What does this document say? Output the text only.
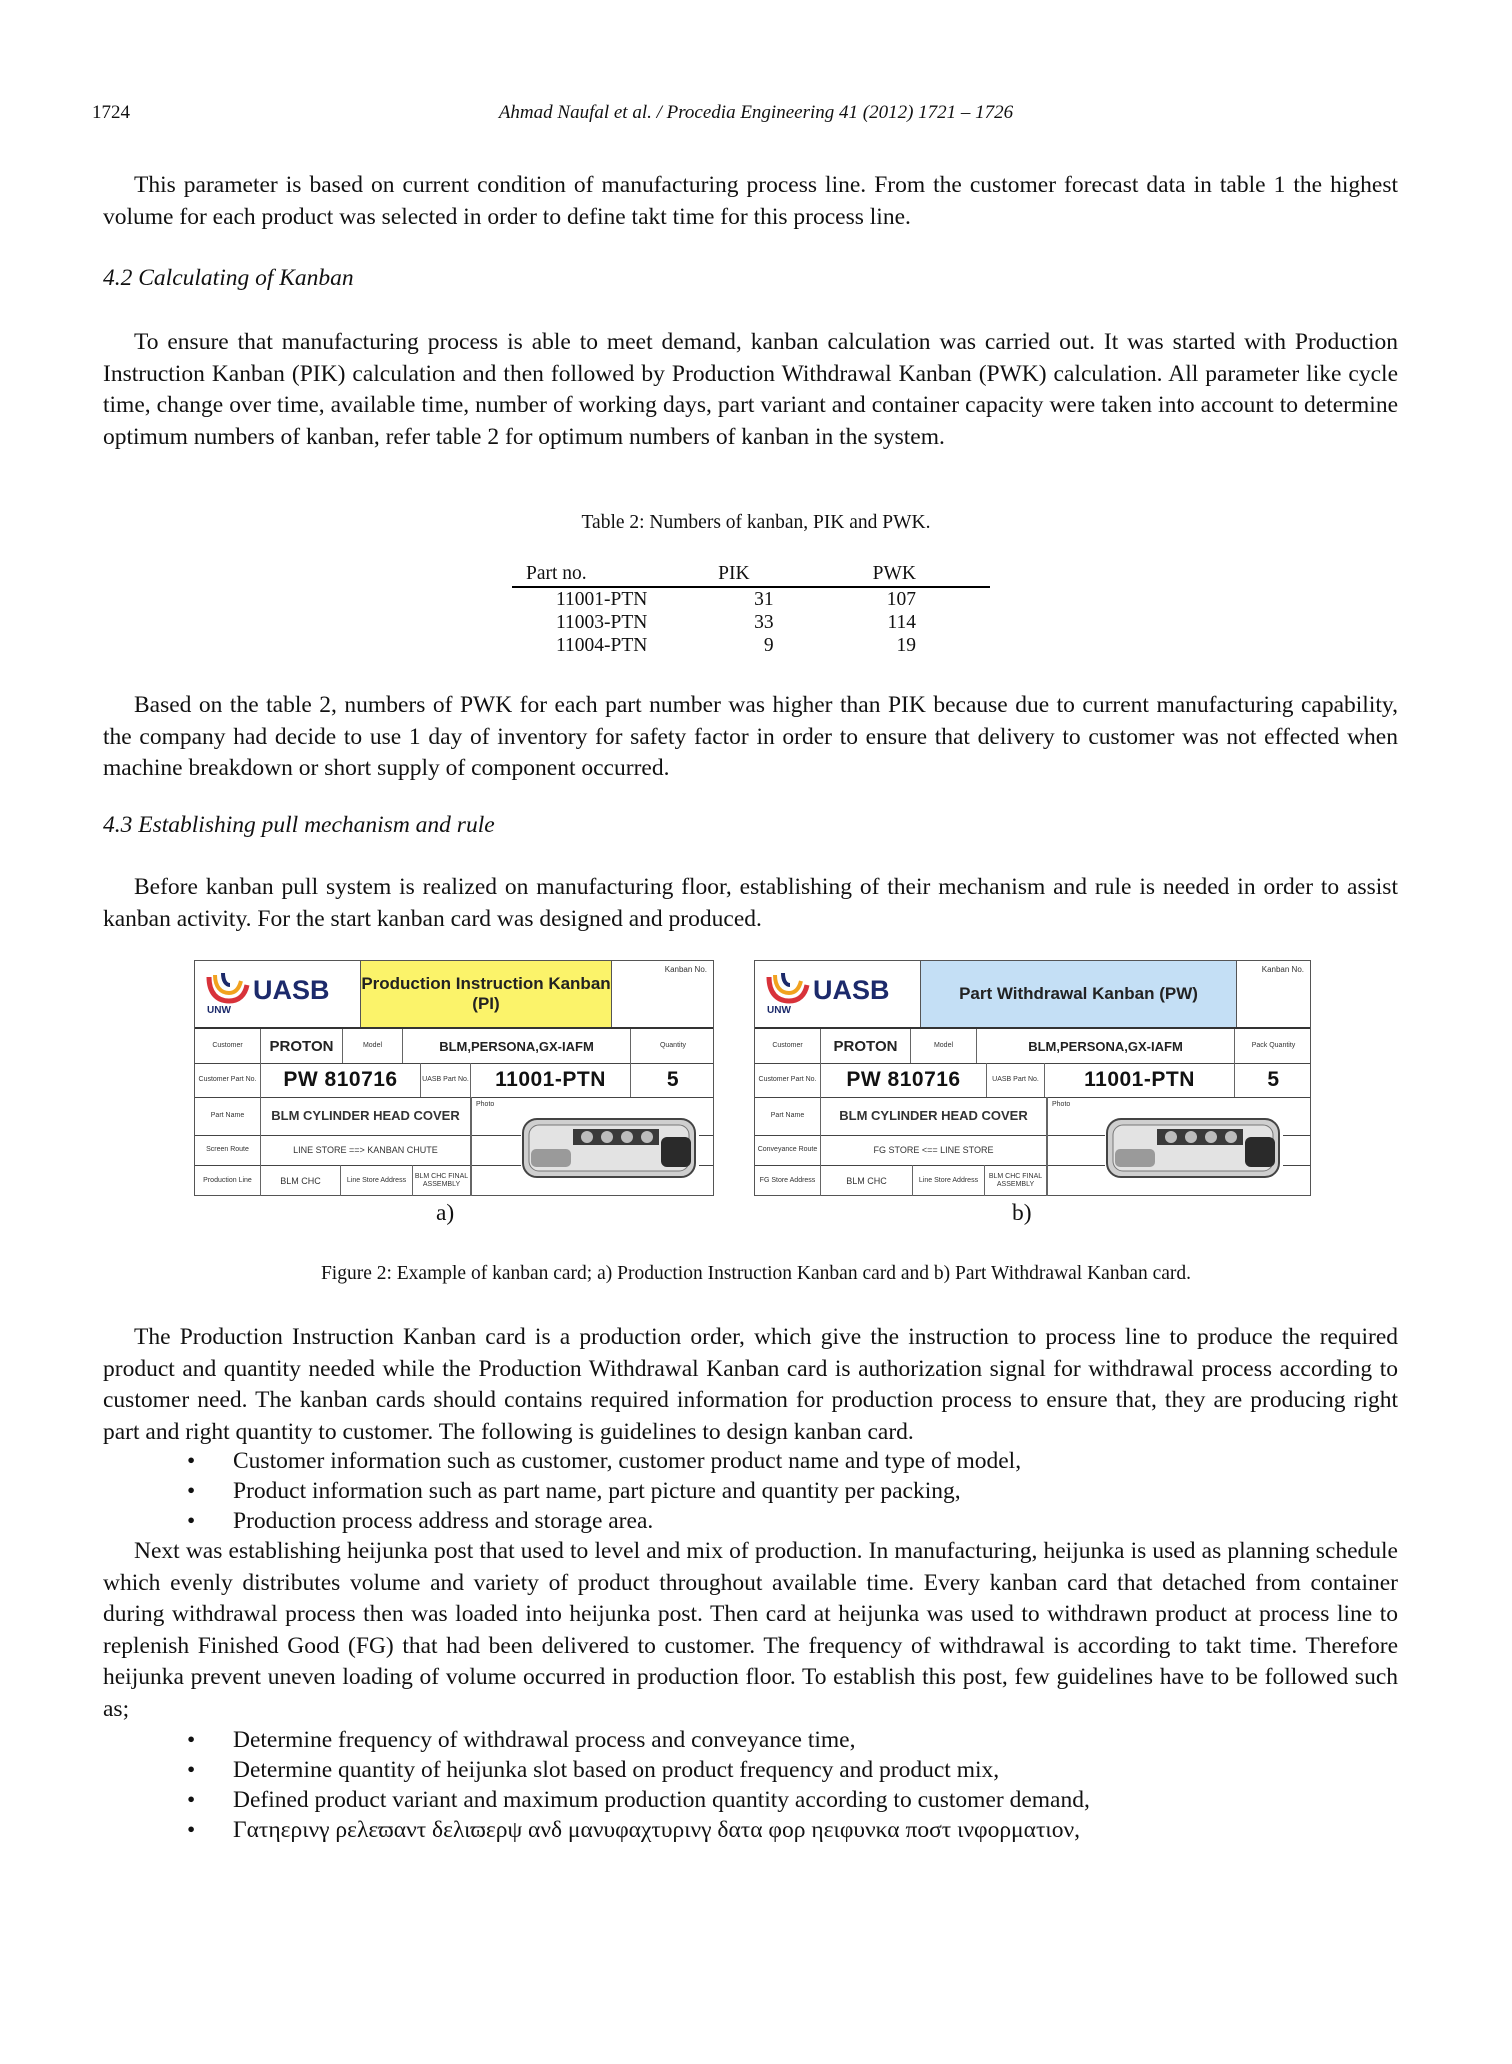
1724	Ahmad Naufal et al. / Procedia Engineering 41 (2012) 1721 – 1726

This parameter is based on current condition of manufacturing process line. From the customer forecast data in table 1 the highest volume for each product was selected in order to define takt time for this process line.

4.2 Calculating of Kanban

To ensure that manufacturing process is able to meet demand, kanban calculation was carried out. It was started with Production Instruction Kanban (PIK) calculation and then followed by Production Withdrawal Kanban (PWK) calculation. All parameter like cycle time, change over time, available time, number of working days, part variant and container capacity were taken into account to determine optimum numbers of kanban, refer table 2 for optimum numbers of kanban in the system.

Table 2: Numbers of kanban, PIK and PWK.
Part no.	PIK	PWK
11001-PTN	31	107
11003-PTN	33	114
11004-PTN	9	19

Based on the table 2, numbers of PWK for each part number was higher than PIK because due to current manufacturing capability, the company had decide to use 1 day of inventory for safety factor in order to ensure that delivery to customer was not effected when machine breakdown or short supply of component occurred.

4.3 Establishing pull mechanism and rule

Before kanban pull system is realized on manufacturing floor, establishing of their mechanism and rule is needed in order to assist kanban activity. For the start kanban card was designed and produced.

UASB
UNW
Production Instruction Kanban (PI)
Kanban No.
Customer	PROTON	Model	BLM,PERSONA,GX-IAFM	Quantity
Customer Part No.	PW 810716	UASB Part No.	11001-PTN	5
Part Name	BLM CYLINDER HEAD COVER
Screen Route	LINE STORE ==> KANBAN CHUTE
Production Line	BLM CHC	Line Store Address
BLM CHC FINAL ASSEMBLY
Photo
a)
UASB
UNW
Part Withdrawal Kanban (PW)
Kanban No.
Customer	PROTON	Model	BLM,PERSONA,GX-IAFM	Pack Quantity
Customer Part No.	PW 810716	UASB Part No.	11001-PTN	5
Part Name	BLM CYLINDER HEAD COVER
Conveyance Route	FG STORE <== LINE STORE
FG Store Address	BLM CHC	Line Store Address
BLM CHC FINAL ASSEMBLY
Photo
b)
Figure 2: Example of kanban card; a) Production Instruction Kanban card and b) Part Withdrawal Kanban card.

The Production Instruction Kanban card is a production order, which give the instruction to process line to produce the required product and quantity needed while the Production Withdrawal Kanban card is authorization signal for withdrawal process according to customer need. The kanban cards should contains required information for production process to ensure that, they are producing right part and right quantity to customer. The following is guidelines to design kanban card.

• Customer information such as customer, customer product name and type of model,
• Product information such as part name, part picture and quantity per packing,
• Production process address and storage area.

Next was establishing heijunka post that used to level and mix of production. In manufacturing, heijunka is used as planning schedule which evenly distributes volume and variety of product throughout available time. Every kanban card that detached from container during withdrawal process then was loaded into heijunka post. Then card at heijunka was used to withdrawn product at process line to replenish Finished Good (FG) that had been delivered to customer. The frequency of withdrawal is according to takt time. Therefore heijunka prevent uneven loading of volume occurred in production floor. To establish this post, few guidelines have to be followed such as;

• Determine frequency of withdrawal process and conveyance time,
• Determine quantity of heijunka slot based on product frequency and product mix,
• Defined product variant and maximum production quantity according to customer demand,
• Γατηερινγ ρελεϖαντ δελιϖερψ ανδ μανυφαχτυρινγ δατα φορ ηειφυνκα ποστ ινφορματιον,
